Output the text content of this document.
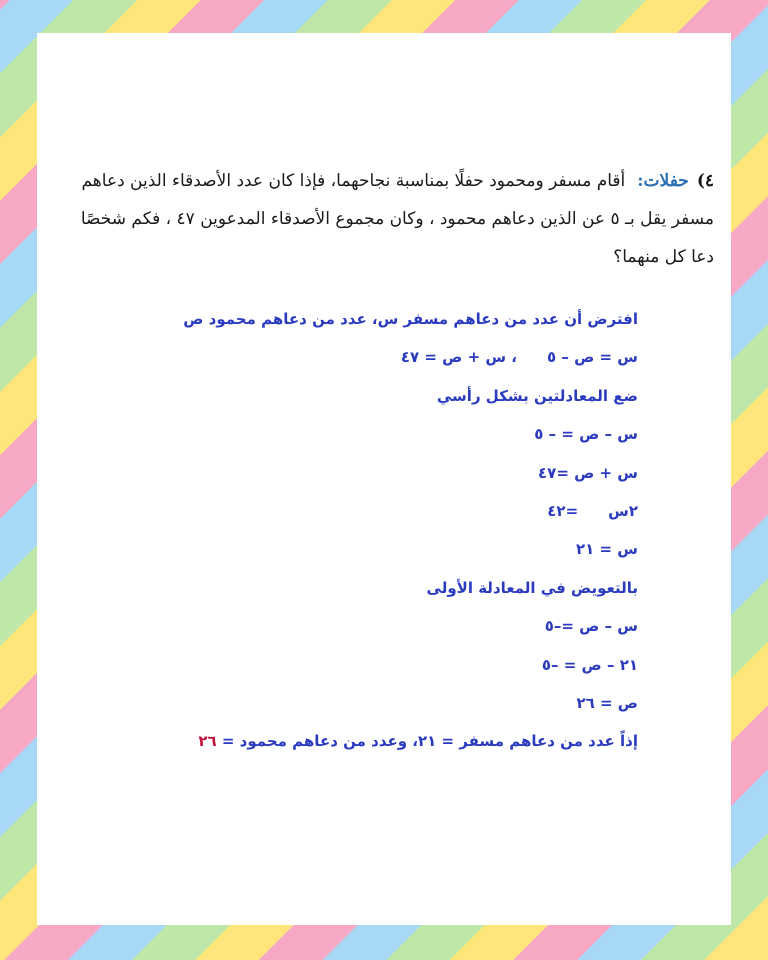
٤)حفلات:أقام مسفر ومحمود حفلًا بمناسبة نجاحهما، فإذا كان عدد الأصدقاء الذين دعاهم مسفر يقل بـ ٥ عن الذين دعاهم محمود ، وكان مجموع الأصدقاء المدعوين ٤٧ ، فكم شخصًا دعا كل منهما؟
افترض أن عدد من دعاهم مسفر س، عدد من دعاهم محمود ص
س = ص – ٥، س + ص = ٤٧
ضع المعادلتين بشكل رأسي
س – ص = – ٥
س + ص =٤٧
٢س=٤٢
س = ٢١
بالتعويض في المعادلة الأولى
س – ص =–٥
٢١ – ص = –٥
ص = ٢٦
إذاً عدد من دعاهم مسفر = ٢١، وعدد من دعاهم محمود = ٢٦
